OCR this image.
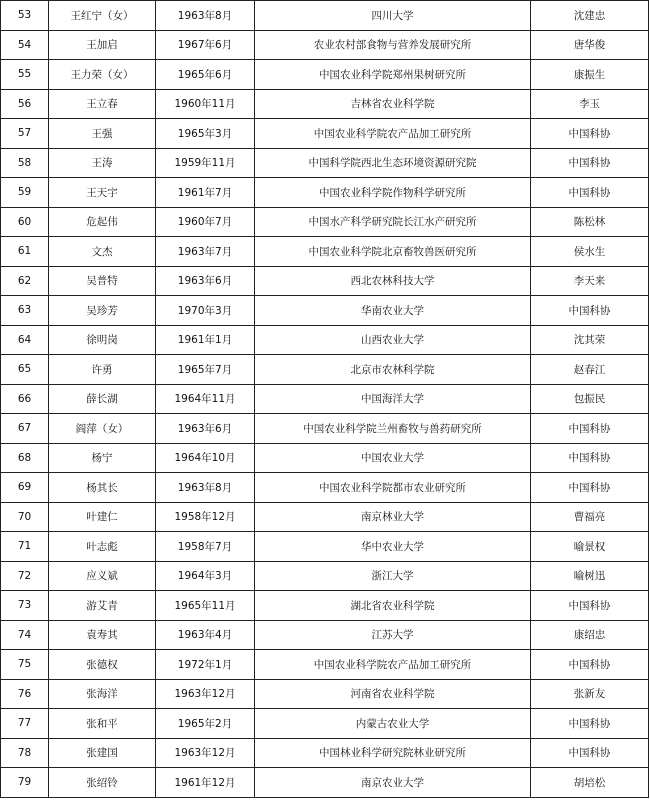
53	王红宁（女）	1963年8月	四川大学	沈建忠
54	王加启	1967年6月	农业农村部食物与营养发展研究所	唐华俊
55	王力荣（女）	1965年6月	中国农业科学院郑州果树研究所	康振生
56	王立春	1960年11月	吉林省农业科学院	李玉
57	王强	1965年3月	中国农业科学院农产品加工研究所	中国科协
58	王涛	1959年11月	中国科学院西北生态环境资源研究院	中国科协
59	王天宇	1961年7月	中国农业科学院作物科学研究所	中国科协
60	危起伟	1960年7月	中国水产科学研究院长江水产研究所	陈松林
61	文杰	1963年7月	中国农业科学院北京畜牧兽医研究所	侯水生
62	吴普特	1963年6月	西北农林科技大学	李天来
63	吴珍芳	1970年3月	华南农业大学	中国科协
64	徐明岗	1961年1月	山西农业大学	沈其荣
65	许勇	1965年7月	北京市农林科学院	赵春江
66	薛长湖	1964年11月	中国海洋大学	包振民
67	阎萍（女）	1963年6月	中国农业科学院兰州畜牧与兽药研究所	中国科协
68	杨宁	1964年10月	中国农业大学	中国科协
69	杨其长	1963年8月	中国农业科学院都市农业研究所	中国科协
70	叶建仁	1958年12月	南京林业大学	曹福亮
71	叶志彪	1958年7月	华中农业大学	喻景权
72	应义斌	1964年3月	浙江大学	喻树迅
73	游艾青	1965年11月	湖北省农业科学院	中国科协
74	袁寿其	1963年4月	江苏大学	康绍忠
75	张德权	1972年1月	中国农业科学院农产品加工研究所	中国科协
76	张海洋	1963年12月	河南省农业科学院	张新友
77	张和平	1965年2月	内蒙古农业大学	中国科协
78	张建国	1963年12月	中国林业科学研究院林业研究所	中国科协
79	张绍铃	1961年12月	南京农业大学	胡培松
